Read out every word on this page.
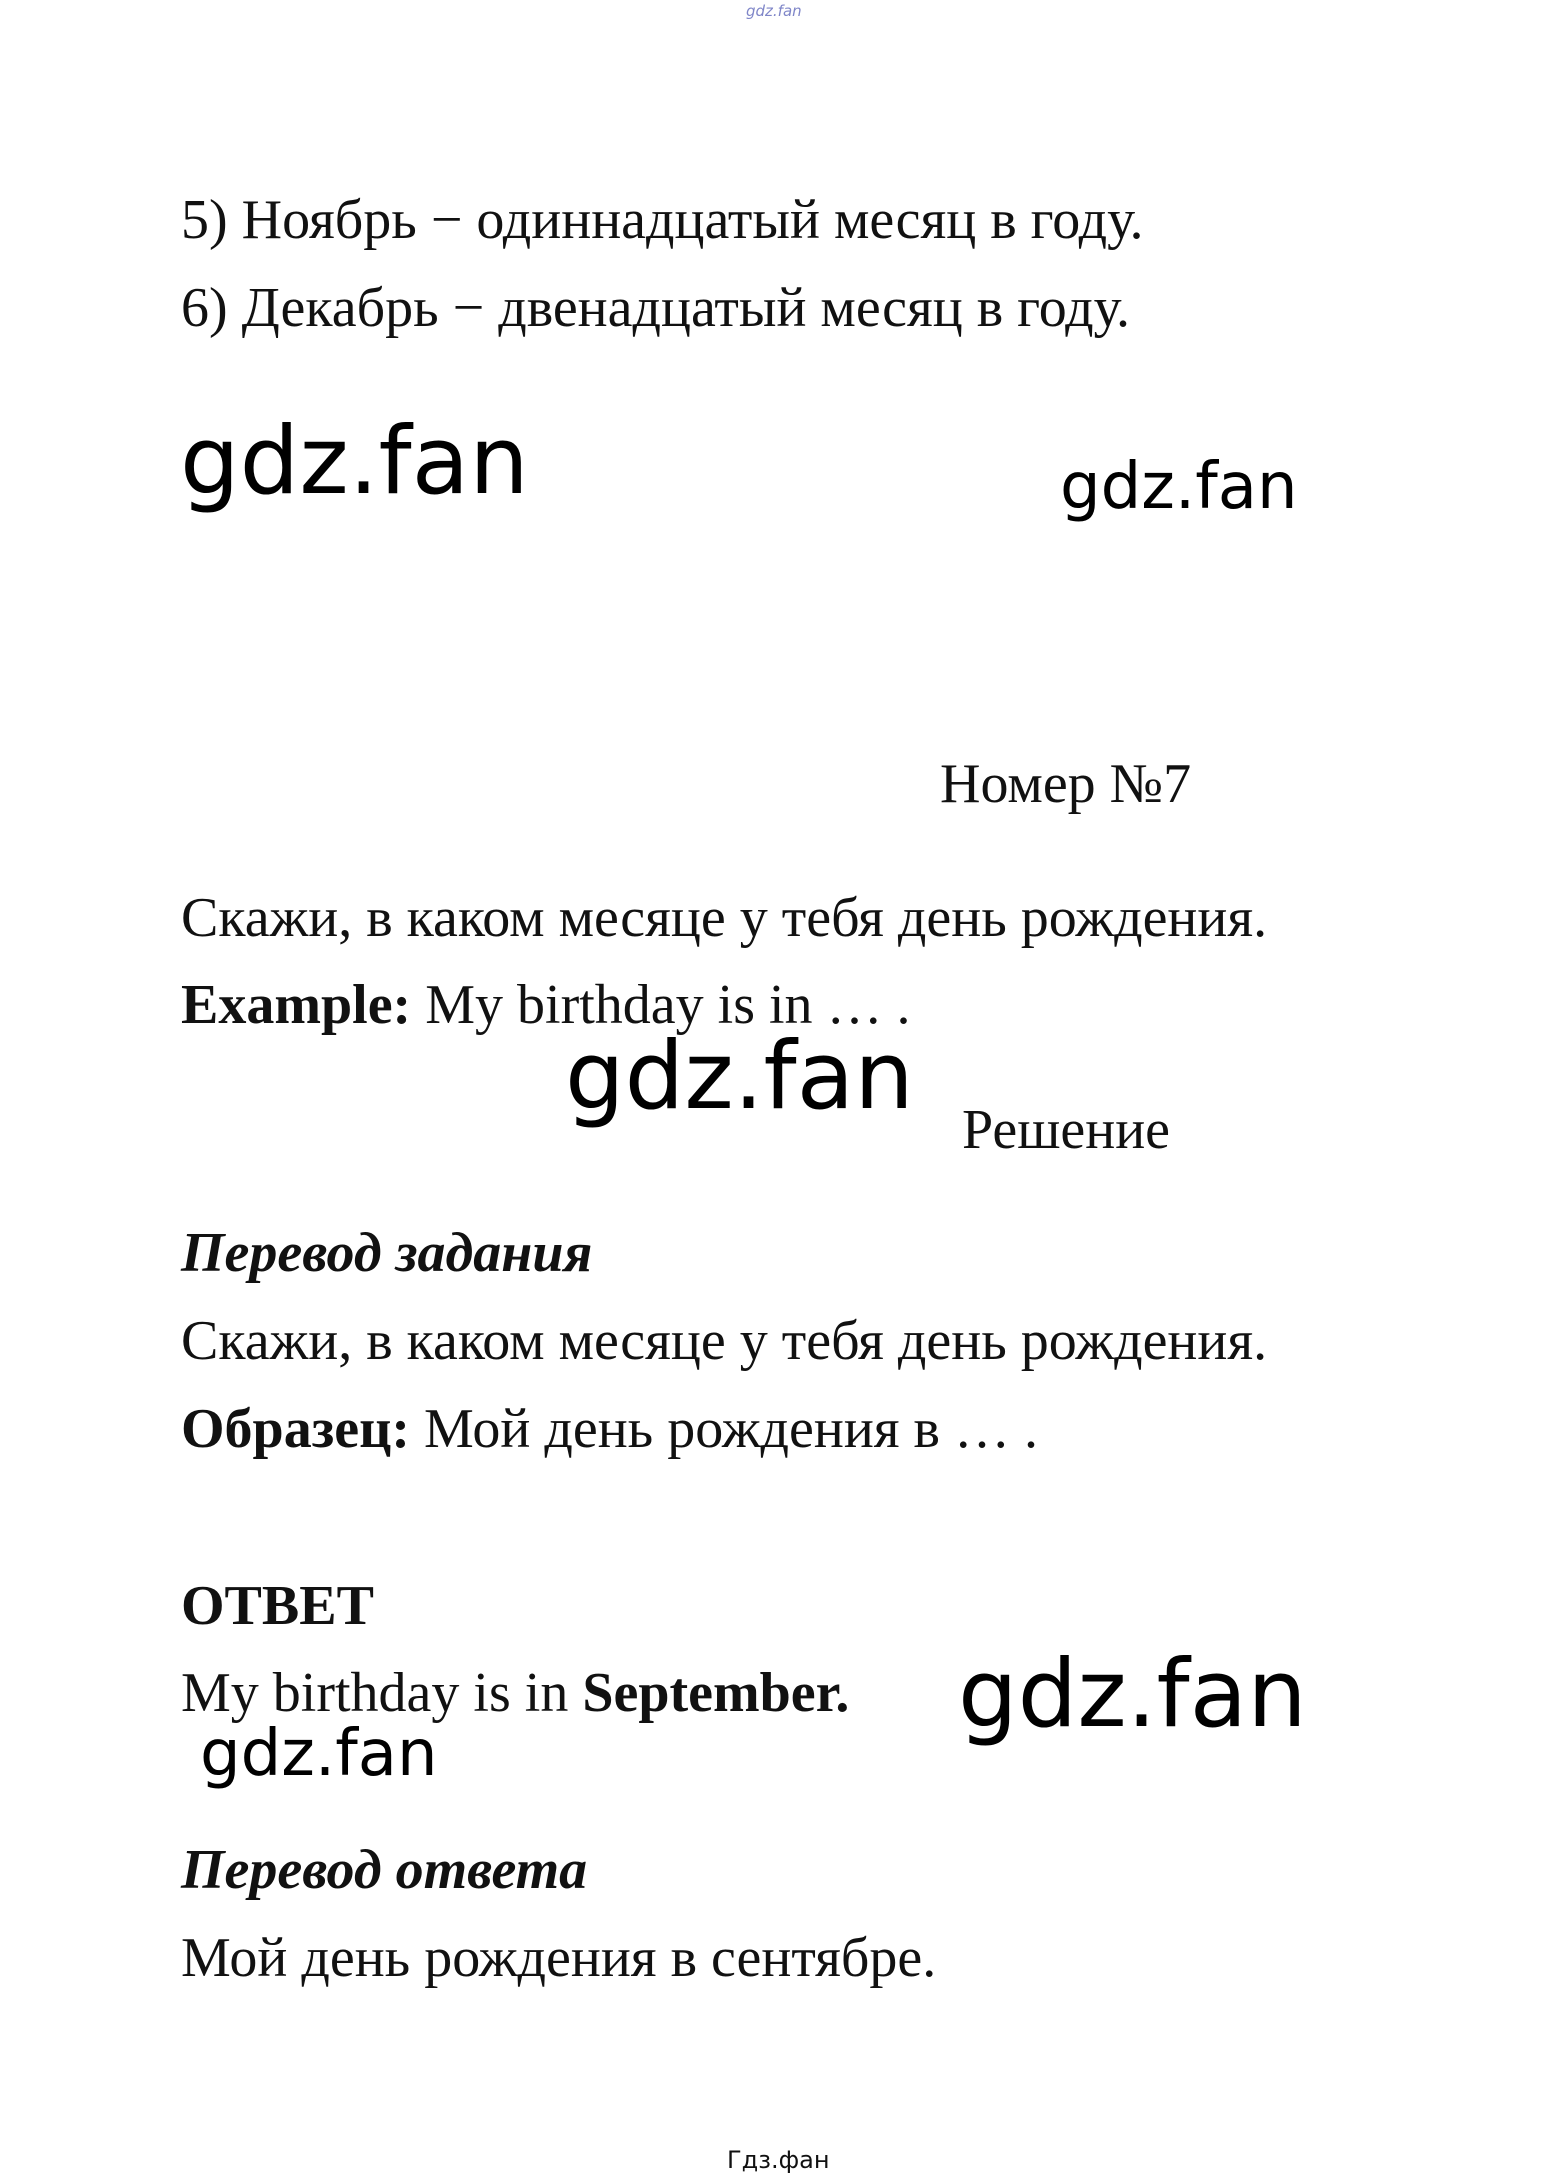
gdz.fan
5) Ноябрь − одиннадцатый месяц в году.
6) Декабрь − двенадцатый месяц в году.
gdz.fan	gdz.fan
Номер №7
Скажи, в каком месяце у тебя день рождения.
Example: My birthday is in … .
gdz.fan Решение
Перевод задания
Скажи, в каком месяце у тебя день рождения.
Образец: Мой день рождения в … .
ОТВЕТ
My birthday is in September. gdz.fan
gdz.fan
Перевод ответа
Мой день рождения в сентябре.
Гдз.фан
